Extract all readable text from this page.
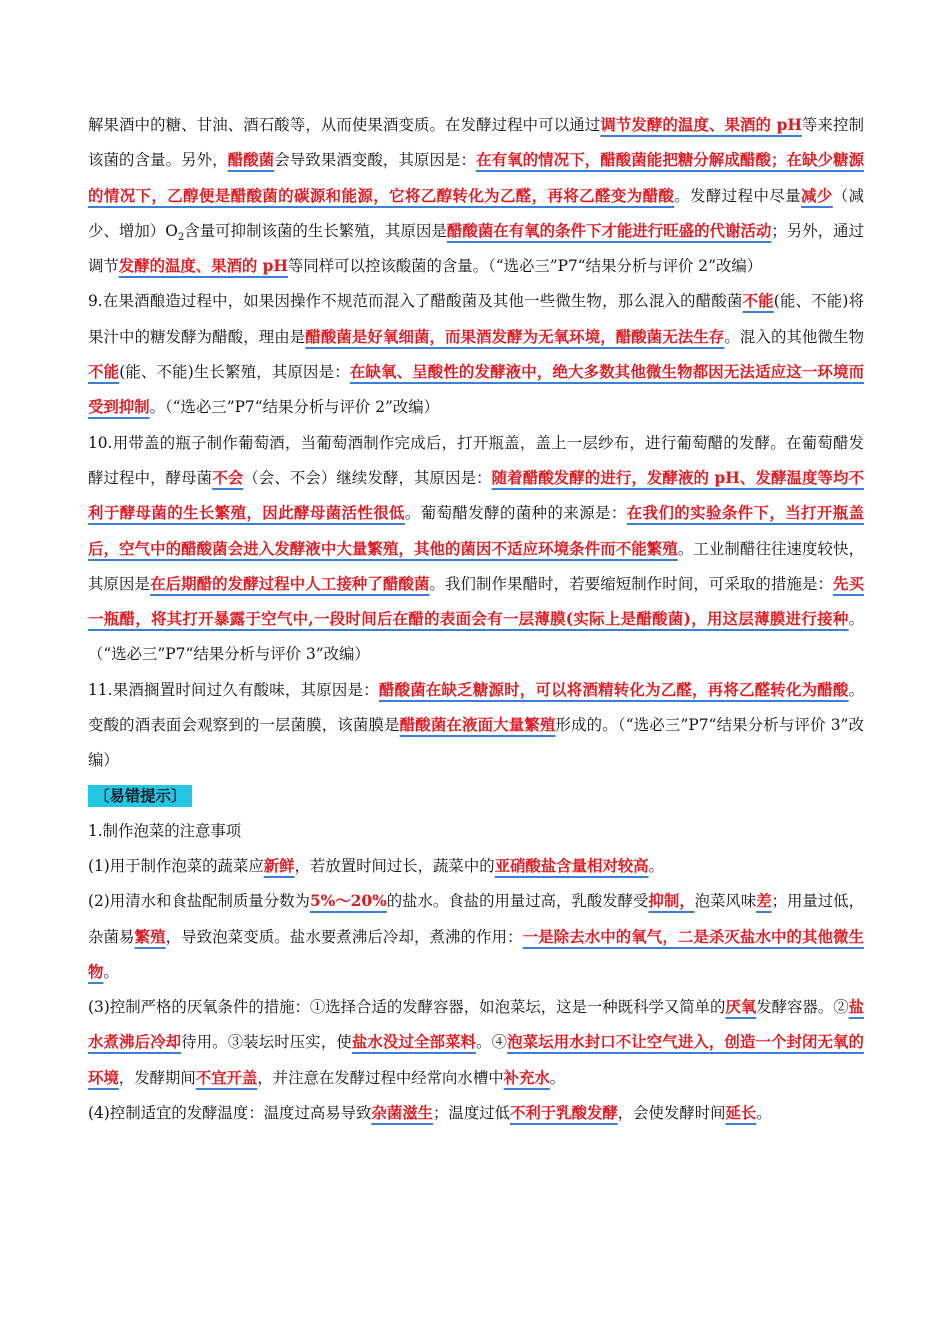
解果酒中的糖、甘油、酒石酸等，从而使果酒变质。在发酵过程中可以通过调节发酵的温度、果酒的 pH等来控制该菌的含量。另外，醋酸菌会导致果酒变酸，其原因是：在有氧的情况下，醋酸菌能把糖分解成醋酸；在缺少糖源的情况下，乙醇便是醋酸菌的碳源和能源，它将乙醇转化为乙醛，再将乙醛变为醋酸。发酵过程中尽量减少（减少、增加）$O_2$含量可抑制该菌的生长繁殖，其原因是醋酸菌在有氧的条件下才能进行旺盛的代谢活动；另外，通过调节发酵的温度、果酒的 pH等同样可以控该酸菌的含量。（“选必三”P7“结果分析与评价 2”改编）

9.在果酒酿造过程中，如果因操作不规范而混入了醋酸菌及其他一些微生物，那么混入的醋酸菌不能(能、不能)将果汁中的糖发酵为醋酸，理由是醋酸菌是好氧细菌，而果酒发酵为无氧环境，醋酸菌无法生存。混入的其他微生物不能(能、不能)生长繁殖，其原因是：在缺氧、呈酸性的发酵液中，绝大多数其他微生物都因无法适应这一环境而受到抑制。（“选必三”P7“结果分析与评价 2”改编）

10.用带盖的瓶子制作葡萄酒，当葡萄酒制作完成后，打开瓶盖，盖上一层纱布，进行葡萄醋的发酵。在葡萄醋发酵过程中，酵母菌不会（会、不会）继续发酵，其原因是：随着醋酸发酵的进行，发酵液的 pH、发酵温度等均不利于酵母菌的生长繁殖，因此酵母菌活性很低。葡萄醋发酵的菌种的来源是：在我们的实验条件下，当打开瓶盖后，空气中的醋酸菌会进入发酵液中大量繁殖，其他的菌因不适应环境条件而不能繁殖。工业制醋往往速度较快，其原因是在后期醋的发酵过程中人工接种了醋酸菌。我们制作果醋时，若要缩短制作时间，可采取的措施是：先买一瓶醋，将其打开暴露于空气中,一段时间后在醋的表面会有一层薄膜(实际上是醋酸菌)，用这层薄膜进行接种。（“选必三”P7“结果分析与评价 3”改编）

11.果酒搁置时间过久有酸味，其原因是：醋酸菌在缺乏糖源时，可以将酒精转化为乙醛，再将乙醛转化为醋酸。变酸的酒表面会观察到的一层菌膜，该菌膜是醋酸菌在液面大量繁殖形成的。（“选必三”P7“结果分析与评价 3”改编）

〔易错提示〕

1.制作泡菜的注意事项

(1)用于制作泡菜的蔬菜应新鲜，若放置时间过长，蔬菜中的亚硝酸盐含量相对较高。

(2)用清水和食盐配制质量分数为5%～20%的盐水。食盐的用量过高，乳酸发酵受抑制，泡菜风味差；用量过低，杂菌易繁殖，导致泡菜变质。盐水要煮沸后冷却，煮沸的作用：一是除去水中的氧气，二是杀灭盐水中的其他微生物。

(3)控制严格的厌氧条件的措施：①选择合适的发酵容器，如泡菜坛，这是一种既科学又简单的厌氧发酵容器。②盐水煮沸后冷却待用。③装坛时压实，使盐水没过全部菜料。④泡菜坛用水封口不让空气进入，创造一个封闭无氧的环境，发酵期间不宜开盖，并注意在发酵过程中经常向水槽中补充水。

(4)控制适宜的发酵温度：温度过高易导致杂菌滋生；温度过低不利于乳酸发酵，会使发酵时间延长。
